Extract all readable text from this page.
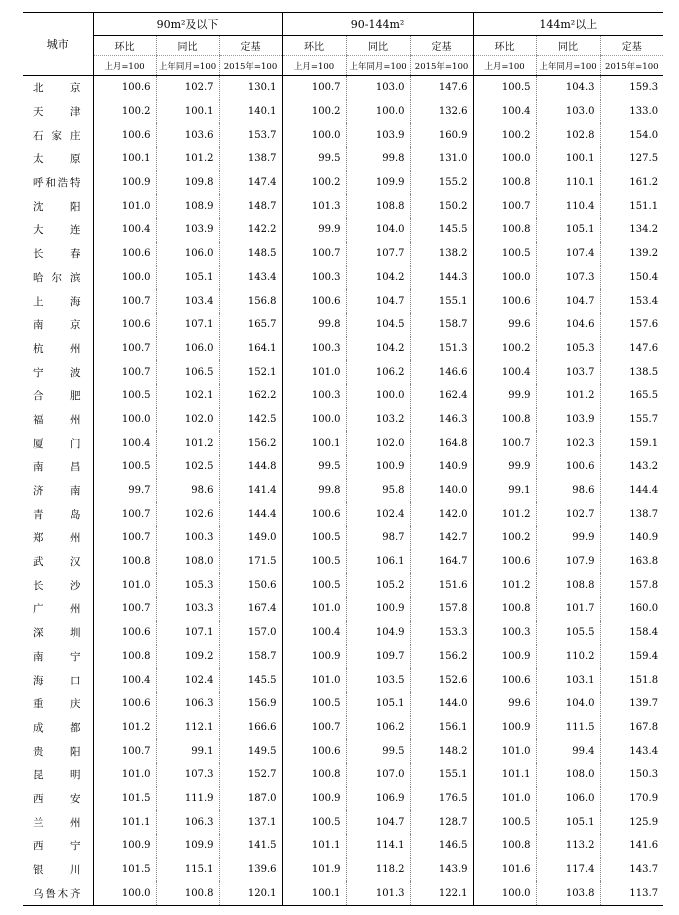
城市	90m²及以下			90-144m²			144m²以上		
	环比	同比	定基	环比	同比	定基	环比	同比	定基
	上月=100	上年同月=100	2015年=100	上月=100	上年同月=100	2015年=100	上月=100	上年同月=100	2015年=100
北京	100.6	102.7	130.1	100.7	103.0	147.6	100.5	104.3	159.3
天津	100.2	100.1	140.1	100.2	100.0	132.6	100.4	103.0	133.0
石家庄	100.6	103.6	153.7	100.0	103.9	160.9	100.2	102.8	154.0
太原	100.1	101.2	138.7	99.5	99.8	131.0	100.0	100.1	127.5
呼和浩特	100.9	109.8	147.4	100.2	109.9	155.2	100.8	110.1	161.2
沈阳	101.0	108.9	148.7	101.3	108.8	150.2	100.7	110.4	151.1
大连	100.4	103.9	142.2	99.9	104.0	145.5	100.8	105.1	134.2
长春	100.6	106.0	148.5	100.7	107.7	138.2	100.5	107.4	139.2
哈尔滨	100.0	105.1	143.4	100.3	104.2	144.3	100.0	107.3	150.4
上海	100.7	103.4	156.8	100.6	104.7	155.1	100.6	104.7	153.4
南京	100.6	107.1	165.7	99.8	104.5	158.7	99.6	104.6	157.6
杭州	100.7	106.0	164.1	100.3	104.2	151.3	100.2	105.3	147.6
宁波	100.7	106.5	152.1	101.0	106.2	146.6	100.4	103.7	138.5
合肥	100.5	102.1	162.2	100.3	100.0	162.4	99.9	101.2	165.5
福州	100.0	102.0	142.5	100.0	103.2	146.3	100.8	103.9	155.7
厦门	100.4	101.2	156.2	100.1	102.0	164.8	100.7	102.3	159.1
南昌	100.5	102.5	144.8	99.5	100.9	140.9	99.9	100.6	143.2
济南	99.7	98.6	141.4	99.8	95.8	140.0	99.1	98.6	144.4
青岛	100.7	102.6	144.4	100.6	102.4	142.0	101.2	102.7	138.7
郑州	100.7	100.3	149.0	100.5	98.7	142.7	100.2	99.9	140.9
武汉	100.8	108.0	171.5	100.5	106.1	164.7	100.6	107.9	163.8
长沙	101.0	105.3	150.6	100.5	105.2	151.6	101.2	108.8	157.8
广州	100.7	103.3	167.4	101.0	100.9	157.8	100.8	101.7	160.0
深圳	100.6	107.1	157.0	100.4	104.9	153.3	100.3	105.5	158.4
南宁	100.8	109.2	158.7	100.9	109.7	156.2	100.9	110.2	159.4
海口	100.4	102.4	145.5	101.0	103.5	152.6	100.6	103.1	151.8
重庆	100.6	106.3	156.9	100.5	105.1	144.0	99.6	104.0	139.7
成都	101.2	112.1	166.6	100.7	106.2	156.1	100.9	111.5	167.8
贵阳	100.7	99.1	149.5	100.6	99.5	148.2	101.0	99.4	143.4
昆明	101.0	107.3	152.7	100.8	107.0	155.1	101.1	108.0	150.3
西安	101.5	111.9	187.0	100.9	106.9	176.5	101.0	106.0	170.9
兰州	101.1	106.3	137.1	100.5	104.7	128.7	100.5	105.1	125.9
西宁	100.9	109.9	141.5	101.1	114.1	146.5	100.8	113.2	141.6
银川	101.5	115.1	139.6	101.9	118.2	143.9	101.6	117.4	143.7
乌鲁木齐	100.0	100.8	120.1	100.1	101.3	122.1	100.0	103.8	113.7
